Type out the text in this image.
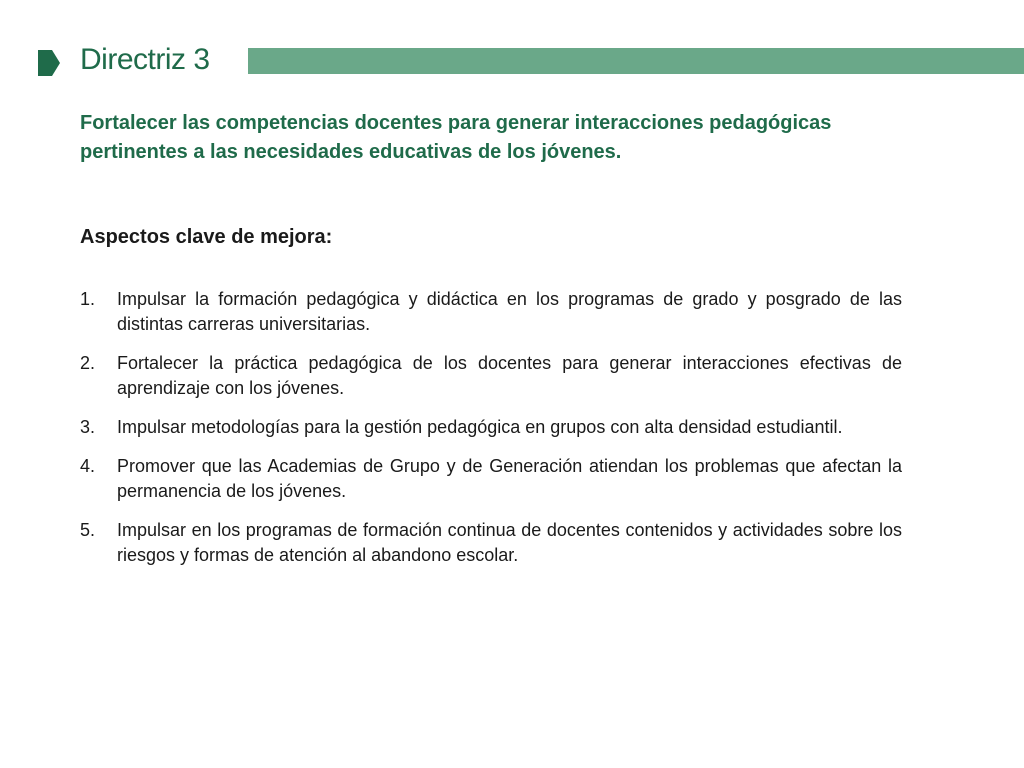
Directriz 3

Fortalecer las competencias docentes para generar interacciones pedagógicas pertinentes a las necesidades educativas de los jóvenes.

Aspectos clave de mejora:
1.	Impulsar la formación pedagógica y didáctica en los programas de grado y posgrado de las distintas carreras universitarias.
2.	Fortalecer la práctica pedagógica de los docentes para generar interacciones efectivas de aprendizaje con los jóvenes.
3.	Impulsar metodologías para la gestión pedagógica en grupos con alta densidad estudiantil.
4.	Promover que las Academias de Grupo y de Generación atiendan los problemas que afectan la permanencia de los jóvenes.
5.	Impulsar en los programas de formación continua de docentes contenidos y actividades sobre los riesgos y formas de atención al abandono escolar.
